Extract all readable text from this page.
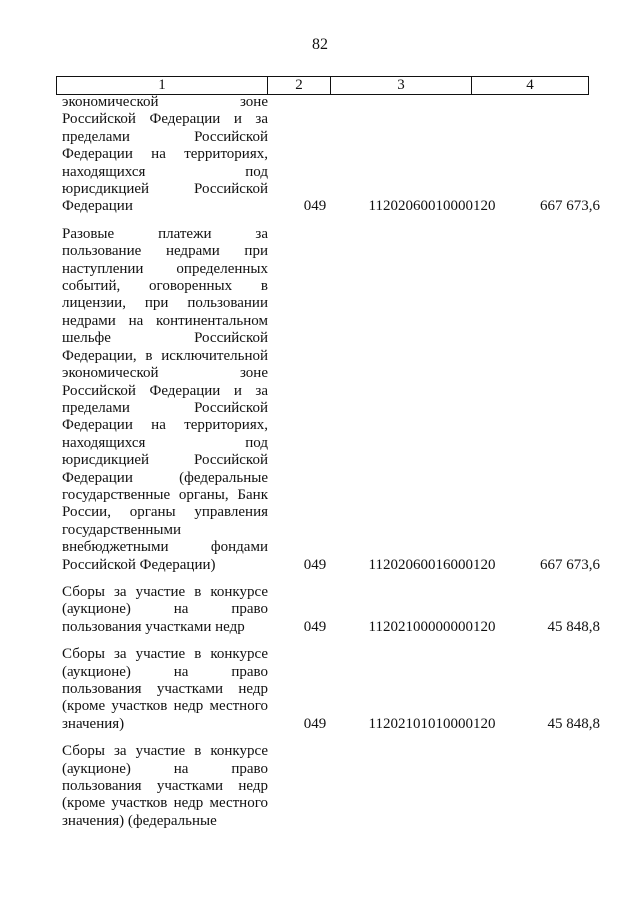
82
1	2	3	4
экономической зоне
Российской Федерации и за
пределами Российской
Федерации на территориях,
находящихся под
юрисдикцией Российской
Федерации	049	11202060010000120	667 673,6
Разовые платежи за
пользование недрами при
наступлении определенных
событий, оговоренных в
лицензии, при пользовании
недрами на континентальном
шельфе Российской
Федерации, в исключительной
экономической зоне
Российской Федерации и за
пределами Российской
Федерации на территориях,
находящихся под
юрисдикцией Российской
Федерации (федеральные
государственные органы, Банк
России, органы управления
государственными
внебюджетными фондами
Российской Федерации)	049	11202060016000120	667 673,6
Сборы за участие в конкурсе
(аукционе) на право
пользования участками недр	049	11202100000000120	45 848,8
Сборы за участие в конкурсе
(аукционе) на право
пользования участками недр
(кроме участков недр местного
значения)	049	11202101010000120	45 848,8
Сборы за участие в конкурсе
(аукционе) на право
пользования участками недр
(кроме участков недр местного
значения) (федеральные
